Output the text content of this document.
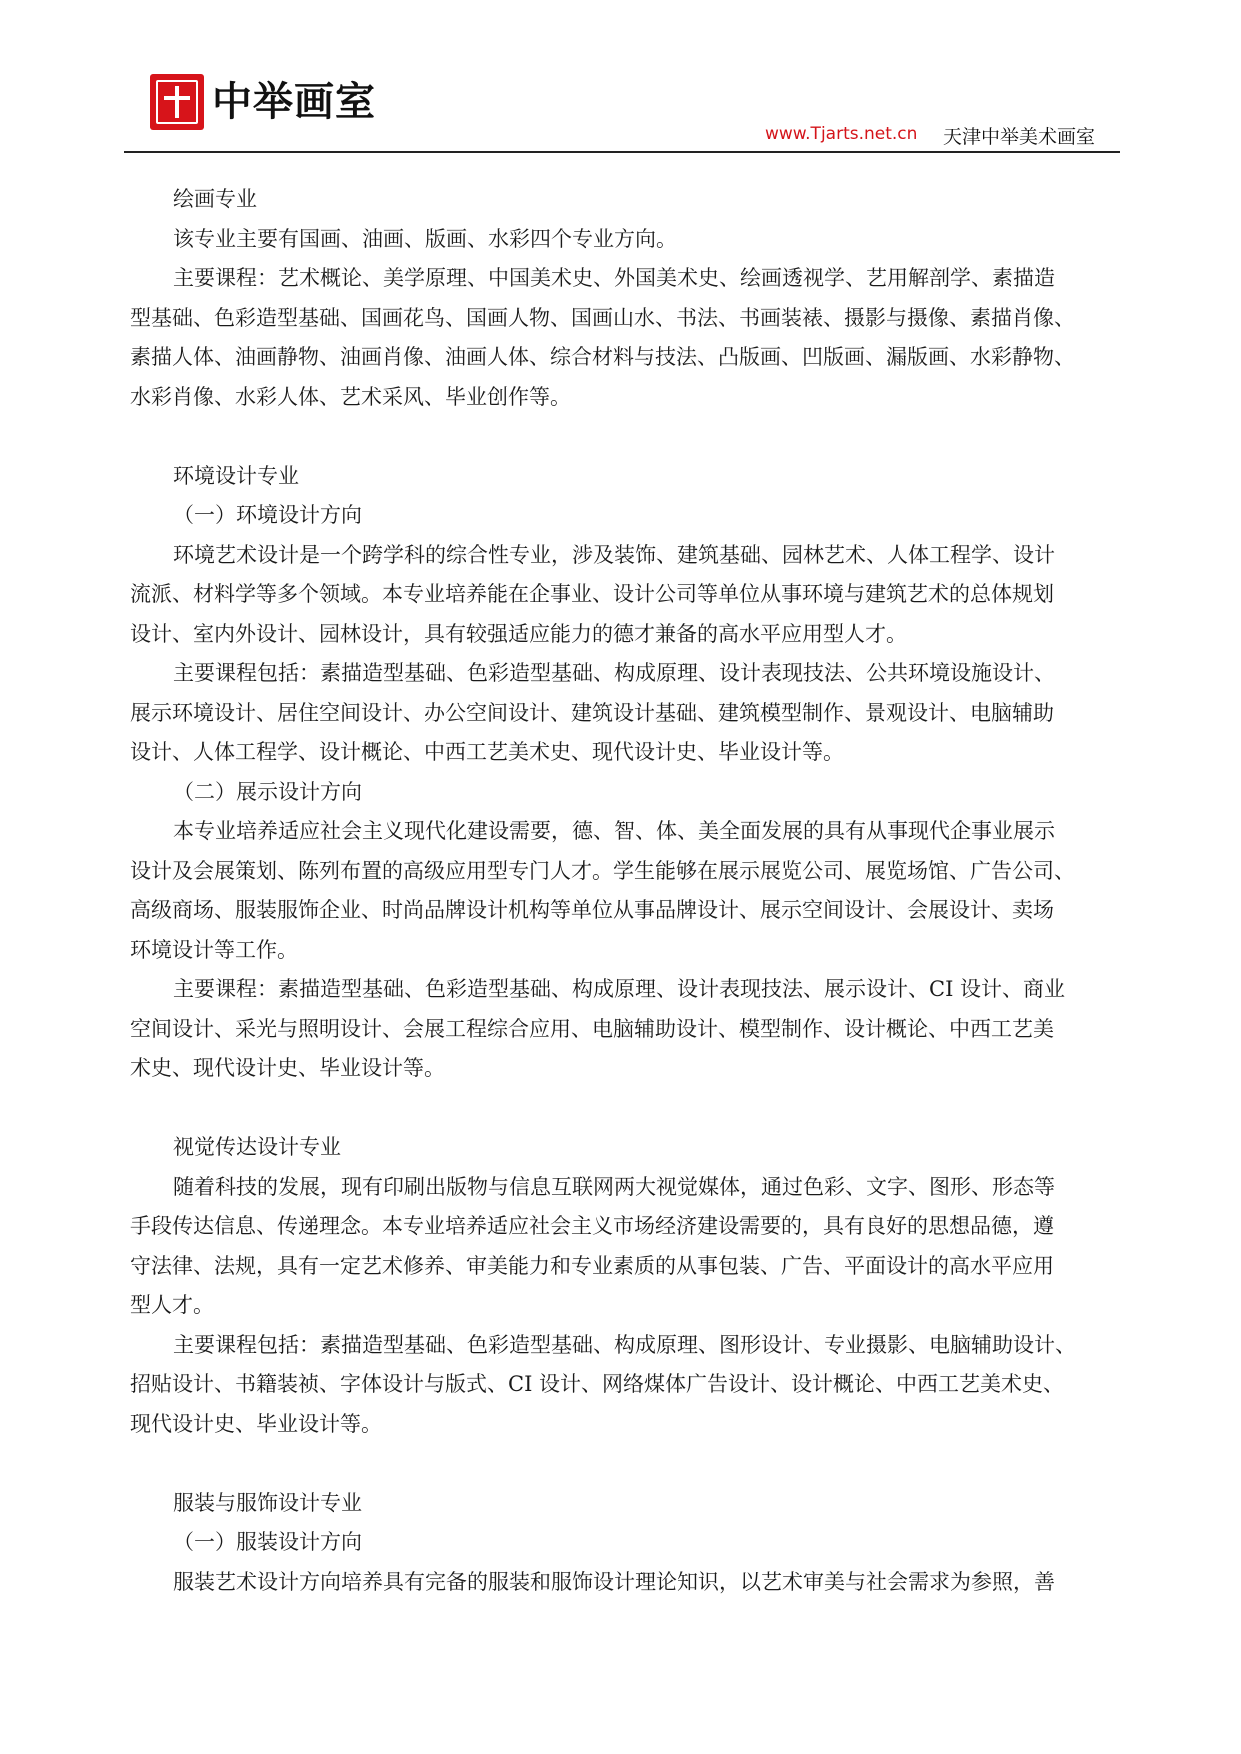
中举画室
www.Tjarts.net.cn 天津中举美术画室

绘画专业

该专业主要有国画、油画、版画、水彩四个专业方向。

主要课程：艺术概论、美学原理、中国美术史、外国美术史、绘画透视学、艺用解剖学、素描造

型基础、色彩造型基础、国画花鸟、国画人物、国画山水、书法、书画装裱、摄影与摄像、素描肖像、

素描人体、油画静物、油画肖像、油画人体、综合材料与技法、凸版画、凹版画、漏版画、水彩静物、

水彩肖像、水彩人体、艺术采风、毕业创作等。

环境设计专业

（一）环境设计方向

环境艺术设计是一个跨学科的综合性专业，涉及装饰、建筑基础、园林艺术、人体工程学、设计

流派、材料学等多个领域。本专业培养能在企事业、设计公司等单位从事环境与建筑艺术的总体规划

设计、室内外设计、园林设计，具有较强适应能力的德才兼备的高水平应用型人才。

主要课程包括：素描造型基础、色彩造型基础、构成原理、设计表现技法、公共环境设施设计、

展示环境设计、居住空间设计、办公空间设计、建筑设计基础、建筑模型制作、景观设计、电脑辅助

设计、人体工程学、设计概论、中西工艺美术史、现代设计史、毕业设计等。

（二）展示设计方向

本专业培养适应社会主义现代化建设需要，德、智、体、美全面发展的具有从事现代企事业展示

设计及会展策划、陈列布置的高级应用型专门人才。学生能够在展示展览公司、展览场馆、广告公司、

高级商场、服装服饰企业、时尚品牌设计机构等单位从事品牌设计、展示空间设计、会展设计、卖场

环境设计等工作。

主要课程：素描造型基础、色彩造型基础、构成原理、设计表现技法、展示设计、CI 设计、商业

空间设计、采光与照明设计、会展工程综合应用、电脑辅助设计、模型制作、设计概论、中西工艺美

术史、现代设计史、毕业设计等。

视觉传达设计专业

随着科技的发展，现有印刷出版物与信息互联网两大视觉媒体，通过色彩、文字、图形、形态等

手段传达信息、传递理念。本专业培养适应社会主义市场经济建设需要的，具有良好的思想品德，遵

守法律、法规，具有一定艺术修养、审美能力和专业素质的从事包装、广告、平面设计的高水平应用

型人才。

主要课程包括：素描造型基础、色彩造型基础、构成原理、图形设计、专业摄影、电脑辅助设计、

招贴设计、书籍装祯、字体设计与版式、CI 设计、网络煤体广告设计、设计概论、中西工艺美术史、

现代设计史、毕业设计等。

服装与服饰设计专业

（一）服装设计方向

服装艺术设计方向培养具有完备的服装和服饰设计理论知识，以艺术审美与社会需求为参照，善
